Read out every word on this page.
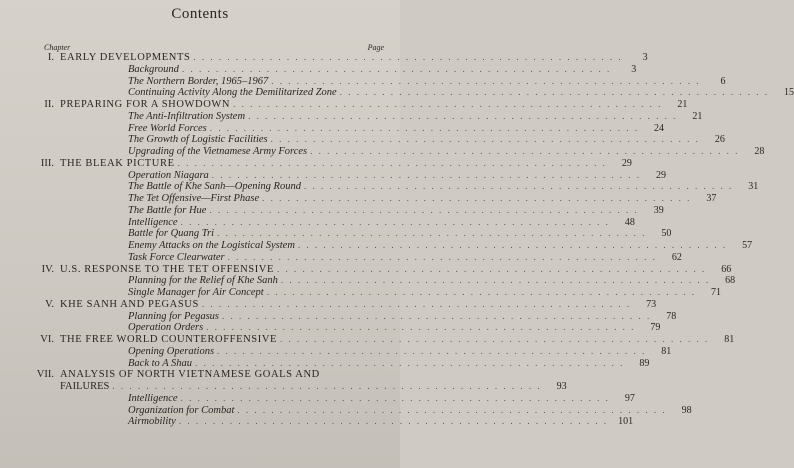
Contents
Chapter	Page
I. EARLY DEVELOPMENTS . . . . . . . . . . . . . . . . . . . . . . . . . . . . . . . . . . . . . . . . . . . . . . . . . . .	3
Background . . . . . . . . . . . . . . . . . . . . . . . . . . . . . . . . . . . . . . . . . . . . . . . . . . .	3
The Northern Border, 1965–1967 . . . . . . . . . . . . . . . . . . . . . . . . . . . . . . . . . . . . . . . . . . . . . . . . . . .	6
Continuing Activity Along the Demilitarized Zone . . . . . . . . . . . . . . . . . . . . . . . . . . . . . . . . . . . . . . . . . . . . . . . . . . .	15
II. PREPARING FOR A SHOWDOWN . . . . . . . . . . . . . . . . . . . . . . . . . . . . . . . . . . . . . . . . . . . . . . . . . . .	21
The Anti-Infiltration System . . . . . . . . . . . . . . . . . . . . . . . . . . . . . . . . . . . . . . . . . . . . . . . . . . .	21
Free World Forces . . . . . . . . . . . . . . . . . . . . . . . . . . . . . . . . . . . . . . . . . . . . . . . . . . .	24
The Growth of Logistic Facilities . . . . . . . . . . . . . . . . . . . . . . . . . . . . . . . . . . . . . . . . . . . . . . . . . . .	26
Upgrading of the Vietnamese Army Forces . . . . . . . . . . . . . . . . . . . . . . . . . . . . . . . . . . . . . . . . . . . . . . . . . . .	28
III. THE BLEAK PICTURE . . . . . . . . . . . . . . . . . . . . . . . . . . . . . . . . . . . . . . . . . . . . . . . . . . .	29
Operation Niagara . . . . . . . . . . . . . . . . . . . . . . . . . . . . . . . . . . . . . . . . . . . . . . . . . . .	29
The Battle of Khe Sanh—Opening Round . . . . . . . . . . . . . . . . . . . . . . . . . . . . . . . . . . . . . . . . . . . . . . . . . . .	31
The Tet Offensive—First Phase . . . . . . . . . . . . . . . . . . . . . . . . . . . . . . . . . . . . . . . . . . . . . . . . . . .	37
The Battle for Hue . . . . . . . . . . . . . . . . . . . . . . . . . . . . . . . . . . . . . . . . . . . . . . . . . . .	39
Intelligence . . . . . . . . . . . . . . . . . . . . . . . . . . . . . . . . . . . . . . . . . . . . . . . . . . .	48
Battle for Quang Tri . . . . . . . . . . . . . . . . . . . . . . . . . . . . . . . . . . . . . . . . . . . . . . . . . . .	50
Enemy Attacks on the Logistical System . . . . . . . . . . . . . . . . . . . . . . . . . . . . . . . . . . . . . . . . . . . . . . . . . . .	57
Task Force Clearwater . . . . . . . . . . . . . . . . . . . . . . . . . . . . . . . . . . . . . . . . . . . . . . . . . . .	62
IV. U.S. RESPONSE TO THE TET OFFENSIVE . . . . . . . . . . . . . . . . . . . . . . . . . . . . . . . . . . . . . . . . . . . . . . . . . . .	66
Planning for the Relief of Khe Sanh . . . . . . . . . . . . . . . . . . . . . . . . . . . . . . . . . . . . . . . . . . . . . . . . . . .	68
Single Manager for Air Concept . . . . . . . . . . . . . . . . . . . . . . . . . . . . . . . . . . . . . . . . . . . . . . . . . . .	71
V. KHE SANH AND PEGASUS . . . . . . . . . . . . . . . . . . . . . . . . . . . . . . . . . . . . . . . . . . . . . . . . . . .	73
Planning for Pegasus . . . . . . . . . . . . . . . . . . . . . . . . . . . . . . . . . . . . . . . . . . . . . . . . . . .	78
Operation Orders . . . . . . . . . . . . . . . . . . . . . . . . . . . . . . . . . . . . . . . . . . . . . . . . . . .	79
VI. THE FREE WORLD COUNTEROFFENSIVE . . . . . . . . . . . . . . . . . . . . . . . . . . . . . . . . . . . . . . . . . . . . . . . . . . .	81
Opening Operations . . . . . . . . . . . . . . . . . . . . . . . . . . . . . . . . . . . . . . . . . . . . . . . . . . .	81
Back to A Shau . . . . . . . . . . . . . . . . . . . . . . . . . . . . . . . . . . . . . . . . . . . . . . . . . . .	89
VII. ANALYSIS OF NORTH VIETNAMESE GOALS AND
FAILURES . . . . . . . . . . . . . . . . . . . . . . . . . . . . . . . . . . . . . . . . . . . . . . . . . . .	93
Intelligence . . . . . . . . . . . . . . . . . . . . . . . . . . . . . . . . . . . . . . . . . . . . . . . . . . .	97
Organization for Combat . . . . . . . . . . . . . . . . . . . . . . . . . . . . . . . . . . . . . . . . . . . . . . . . . . .	98
Airmobility . . . . . . . . . . . . . . . . . . . . . . . . . . . . . . . . . . . . . . . . . . . . . . . . . . .	101
